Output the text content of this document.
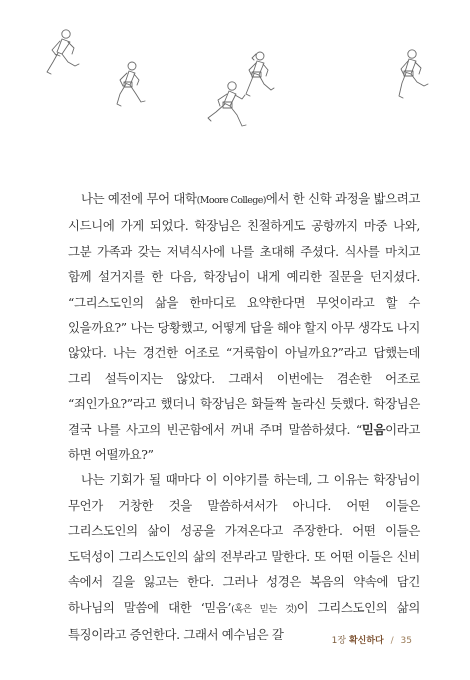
나는 예전에 무어 대학(Moore College)에서 한 신학 과정을 밟으려고 시드니에 가게 되었다. 학장님은 친절하게도 공항까지 마중 나와, 그분 가족과 갖는 저녁식사에 나를 초대해 주셨다. 식사를 마치고 함께 설거지를 한 다음, 학장님이 내게 예리한 질문을 던지셨다. “그리스도인의 삶을 한마디로 요약한다면 무엇이라고 할 수 있을까요?” 나는 당황했고, 어떻게 답을 해야 할지 아무 생각도 나지 않았다. 나는 경건한 어조로 “거룩함이 아닐까요?”라고 답했는데 그리 설득이지는 않았다. 그래서 이번에는 겸손한 어조로 “죄인가요?”라고 했더니 학장님은 화들짝 놀라신 듯했다. 학장님은 결국 나를 사고의 빈곤함에서 꺼내 주며 말씀하셨다. “믿음이라고 하면 어떨까요?”

나는 기회가 될 때마다 이 이야기를 하는데, 그 이유는 학장님이 무언가 거창한 것을 말씀하셔서가 아니다. 어떤 이들은 그리스도인의 삶이 성공을 가져온다고 주장한다. 어떤 이들은 도덕성이 그리스도인의 삶의 전부라고 말한다. 또 어떤 이들은 신비 속에서 길을 잃고는 한다. 그러나 성경은 복음의 약속에 담긴 하나님의 말씀에 대한 ‘믿음’(혹은 믿는 것)이 그리스도인의 삶의 특징이라고 증언한다. 그래서 예수님은 갈	1장 확신하다 / 35
